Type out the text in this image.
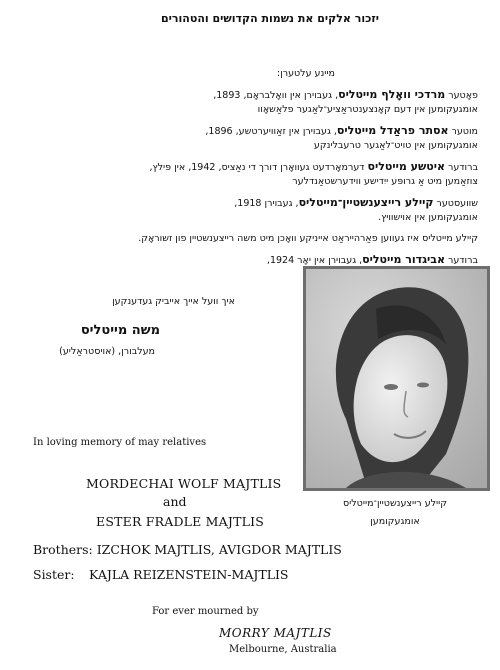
יזכור אלקים את נשמות הקדושים והטהורים
מיינע עלטערן:
פאָטער מרדכי וואָלף מייטליס, געבוירן אין וואָלבראָם, 1893,
אומגעקומען אין דעם קאָנצענטראַציע־לאַגער פלאַשאָוו
מוטער אסתר פראַדל מייטליס, געבוירן אין זאַוויערטשע, 1896,
אומגעקומען אין טויט־לאַגער טרעבלינקע
ברודער איטשע מייטליס דערמאָרדעט געוואָרן דורך די נאַציס, 1942, אין פּילץ,
צוזאַמען מיט אַ גרופּע ייִדישע ווידערשטאַנדלער
שוועסטער קיילע רייצענשטיין־מייטליס, געבוירן 1918,
אומגעקומען אין אוישוויץ.
קיילע מייטליס איז געווען פאַרהייראַט אייניקע וואָכן מיט משה רייצענשטיין פון זשוראָק.
ברודער אביגדור מייטליס, געבוירן אין יאָר 1924,
איך וועל אייך אייביק געדענקען
משה מייטליס
מעלבורן, (אויסטראַליע)
קיילע רייצענשטיין־מייטליס
אומגעקומען
In loving memory of may relatives
MORDECHAI WOLF MAJTLIS
and
ESTER FRADLE MAJTLIS
Brothers: IZCHOK MAJTLIS, AVIGDOR MAJTLIS
Sister: KAJLA REIZENSTEIN-MAJTLIS
For ever mourned by
MORRY MAJTLIS
Melbourne, Australia
